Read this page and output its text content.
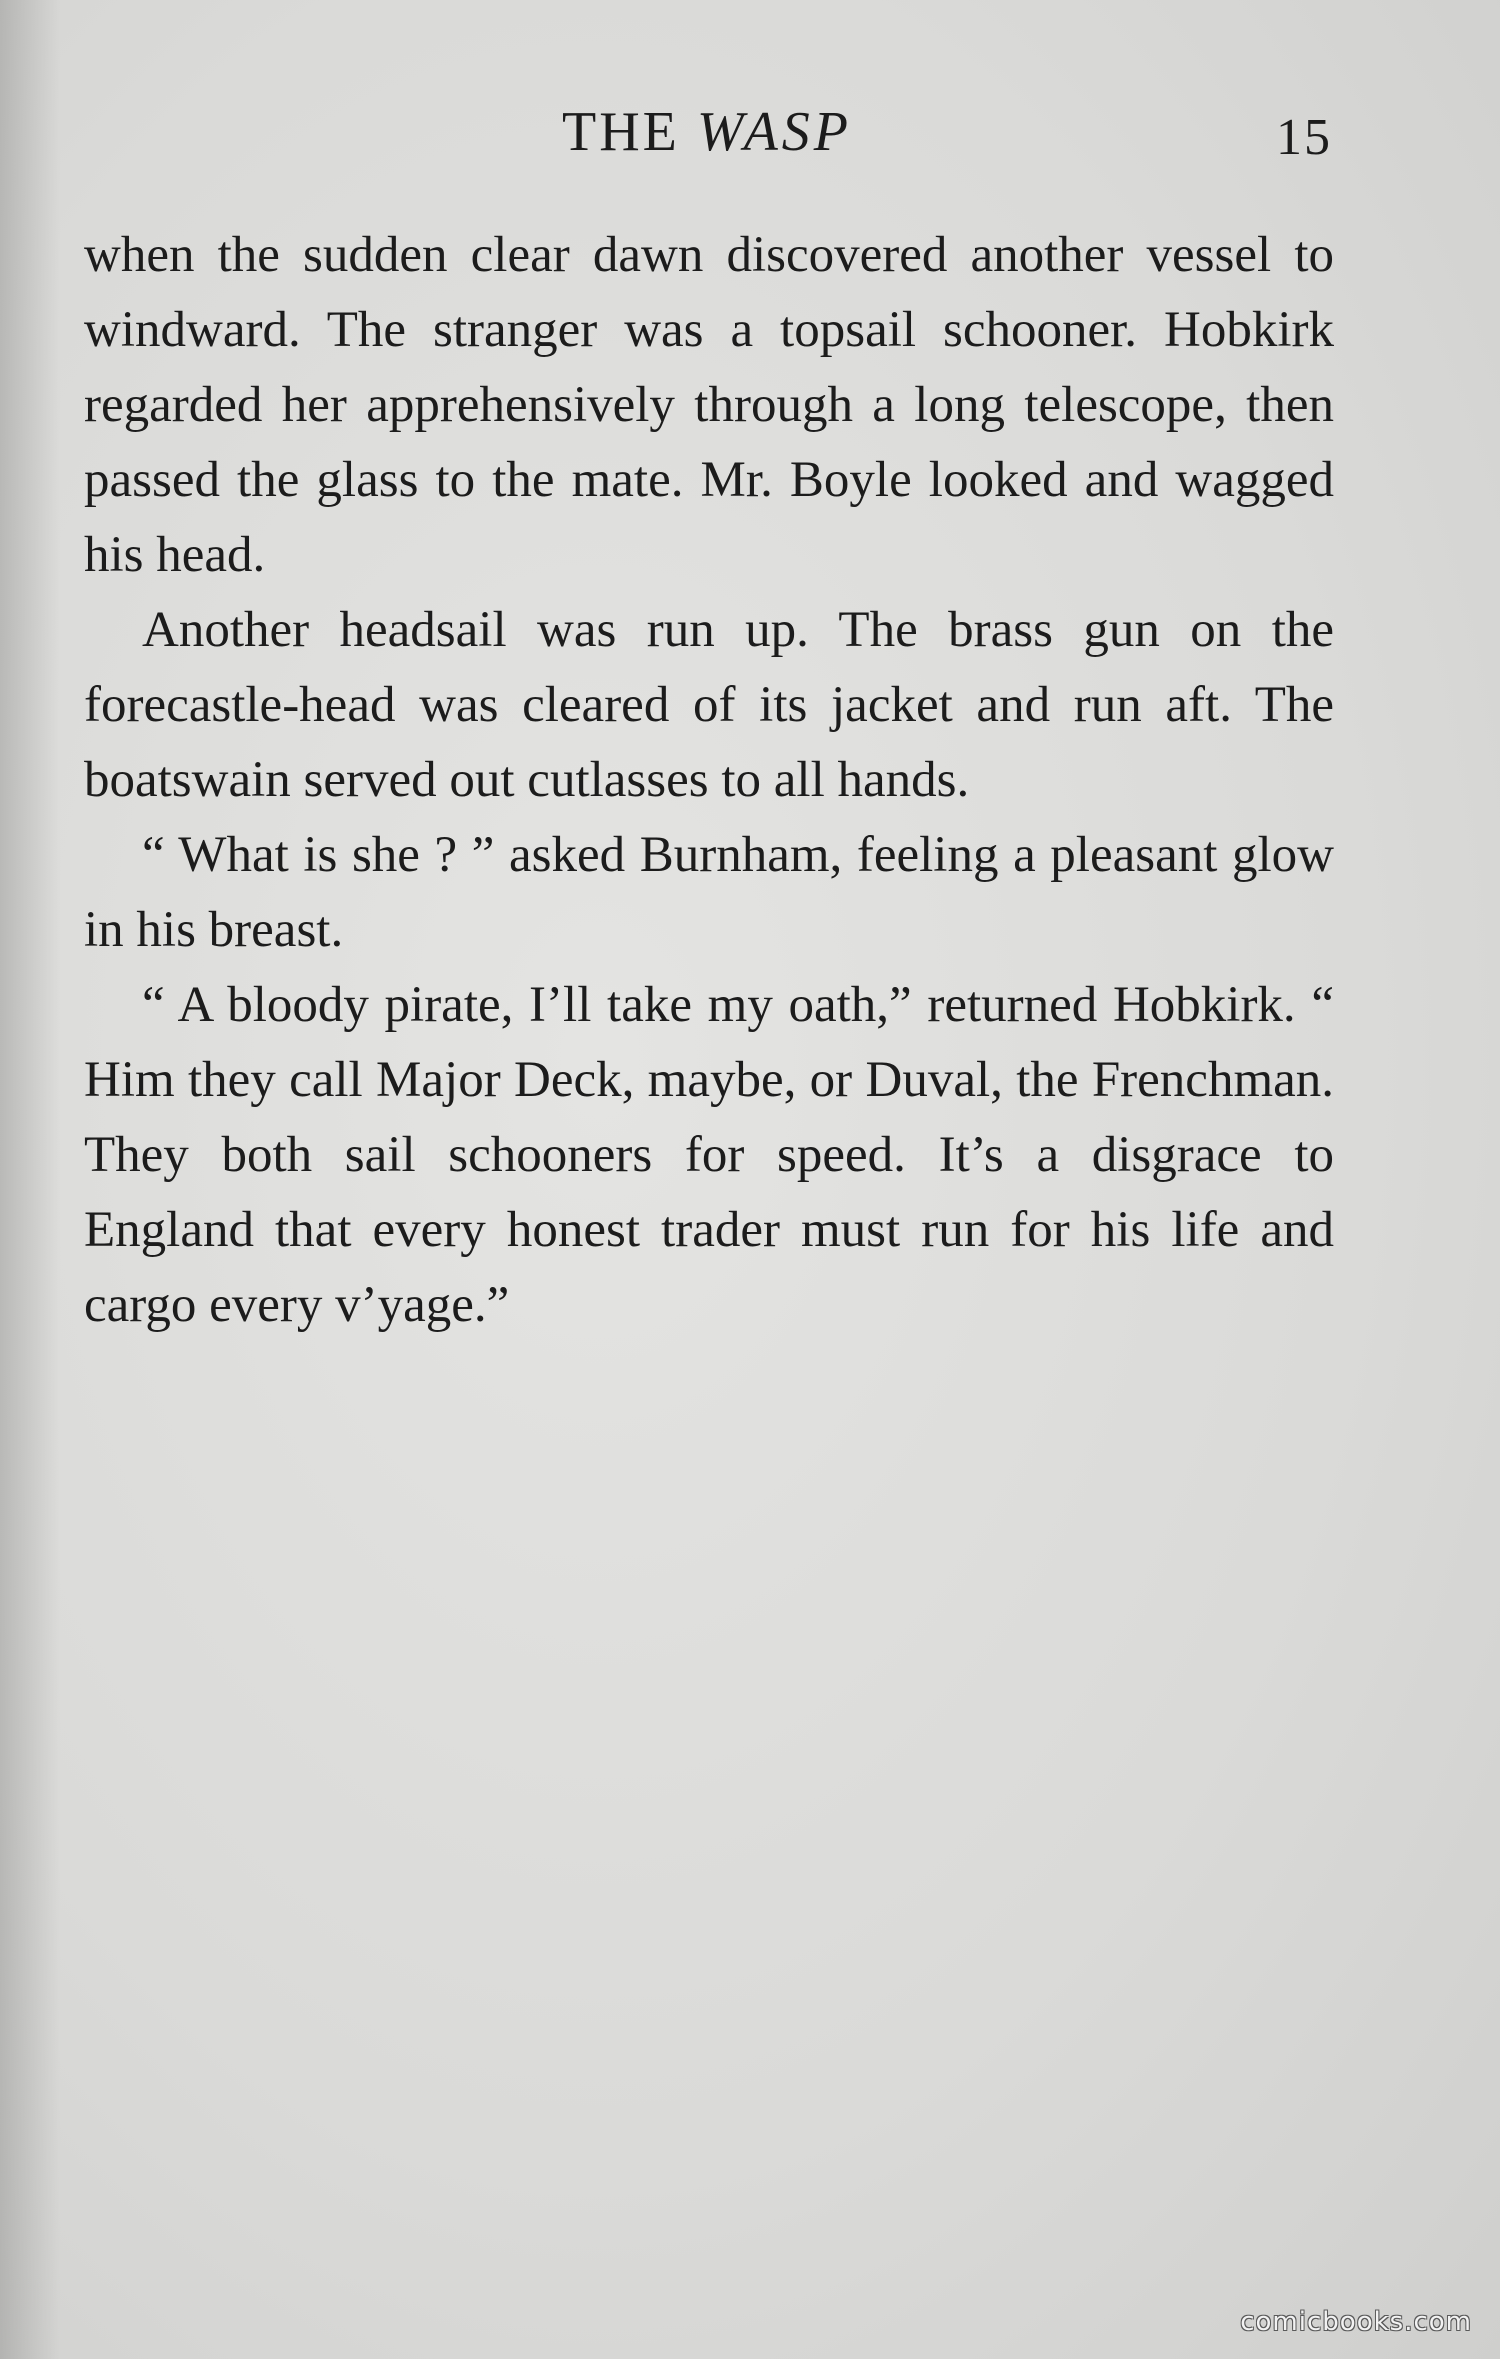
THE WASP	15

when the sudden clear dawn discovered another vessel to windward. The stranger was a topsail schooner. Hobkirk regarded her apprehensively through a long telescope, then passed the glass to the mate. Mr. Boyle looked and wagged his head.

Another headsail was run up. The brass gun on the forecastle-head was cleared of its jacket and run aft. The boatswain served out cutlasses to all hands.

“ What is she ? ” asked Burnham, feeling a pleasant glow in his breast.

“ A bloody pirate, I’ll take my oath,” returned Hobkirk. “ Him they call Major Deck, maybe, or Duval, the Frenchman. They both sail schooners for speed. It’s a disgrace to England that every honest trader must run for his life and cargo every v’yage.”

comicbooks.com
